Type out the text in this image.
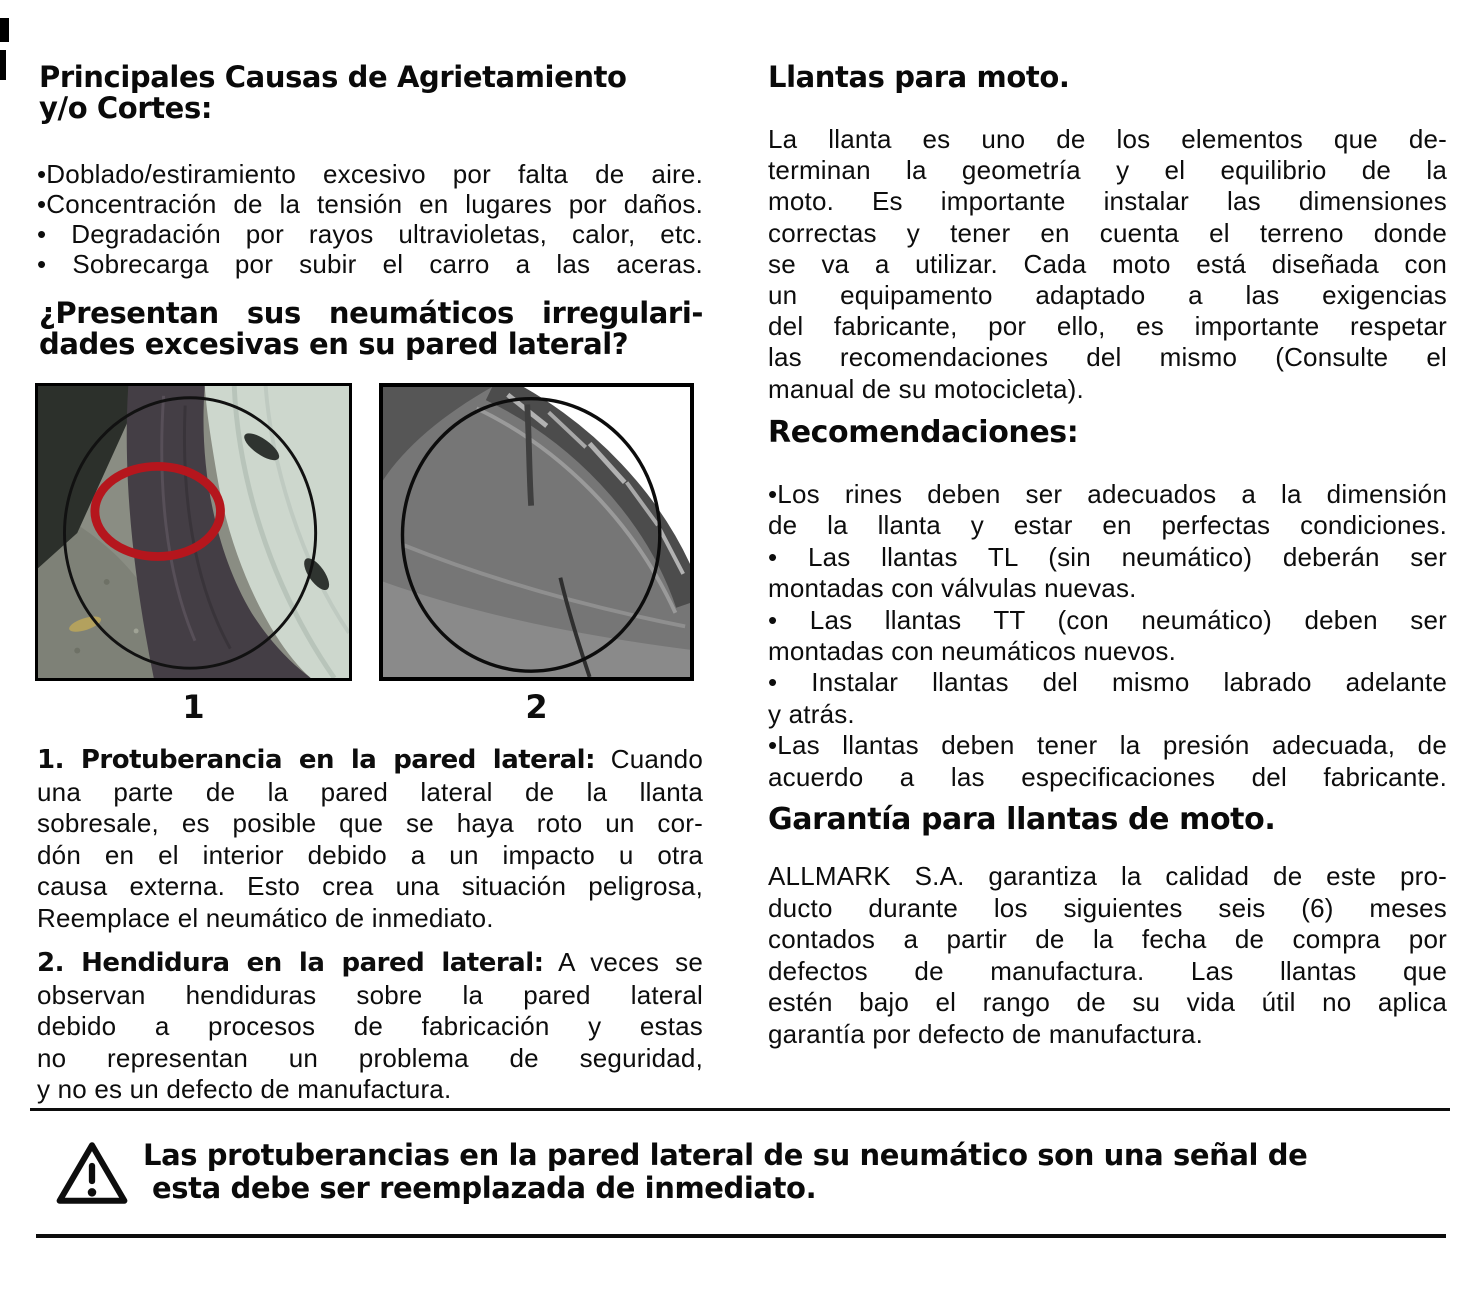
Principales Causas de Agrietamiento
y/o Cortes:
•Doblado/estiramiento excesivo por falta de aire.
•Concentración de la tensión en lugares por daños.
• Degradación por rayos ultravioletas, calor, etc.
• Sobrecarga por subir el carro a las aceras.
¿Presentan sus neumáticos irregulari-
dades excesivas en su pared lateral?
1	2
1. Protuberancia en la pared lateral: Cuando
una parte de la pared lateral de la llanta
sobresale, es posible que se haya roto un cor-
dón en el interior debido a un impacto u otra
causa externa. Esto crea una situación peligrosa,
Reemplace el neumático de inmediato.
2. Hendidura en la pared lateral: A veces se
observan hendiduras sobre la pared lateral
debido a procesos de fabricación y estas
no representan un problema de seguridad,
y no es un defecto de manufactura.
Llantas para moto.
La llanta es uno de los elementos que de-
terminan la geometría y el equilibrio de la
moto. Es importante instalar las dimensiones
correctas y tener en cuenta el terreno donde
se va a utilizar. Cada moto está diseñada con
un equipamento adaptado a las exigencias
del fabricante, por ello, es importante respetar
las recomendaciones del mismo (Consulte el
manual de su motocicleta).
Recomendaciones:
•Los rines deben ser adecuados a la dimensión
de la llanta y estar en perfectas condiciones.
• Las llantas TL (sin neumático) deberán ser
montadas con válvulas nuevas.
• Las llantas TT (con neumático) deben ser
montadas con neumáticos nuevos.
• Instalar llantas del mismo labrado adelante
y atrás.
•Las llantas deben tener la presión adecuada, de
acuerdo a las especificaciones del fabricante.
Garantía para llantas de moto.
ALLMARK S.A. garantiza la calidad de este pro-
ducto durante los siguientes seis (6) meses
contados a partir de la fecha de compra por
defectos de manufactura. Las llantas que
estén bajo el rango de su vida útil no aplica
garantía por defecto de manufactura.
Las protuberancias en la pared lateral de su neumático son una señal de
esta debe ser reemplazada de inmediato.
